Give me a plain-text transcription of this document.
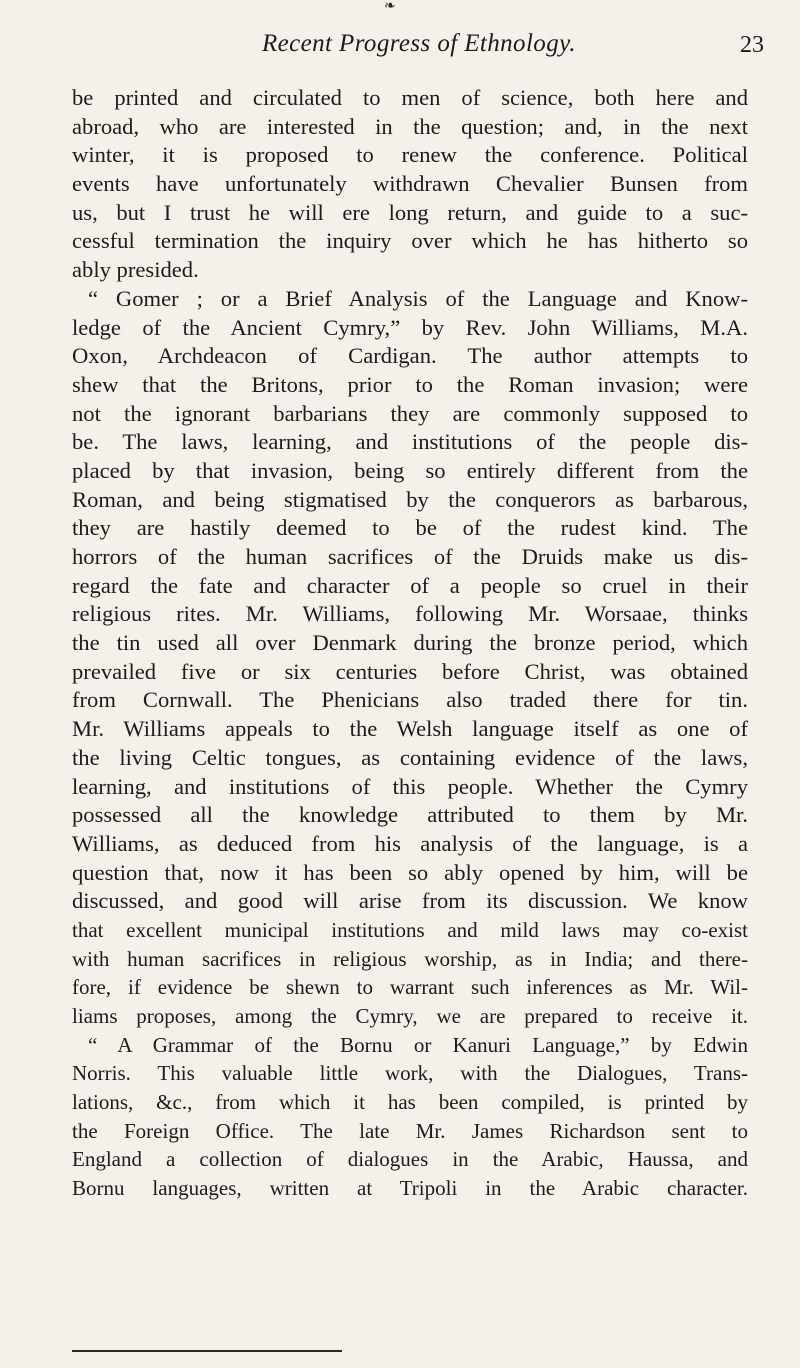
❧
Recent Progress of Ethnology.	23
be printed and circulated to men of science, both here and
abroad, who are interested in the question; and, in the next
winter, it is proposed to renew the conference. Political
events have unfortunately withdrawn Chevalier Bunsen from
us, but I trust he will ere long return, and guide to a suc-
cessful termination the inquiry over which he has hitherto so
ably presided.
“ Gomer ; or a Brief Analysis of the Language and Know-
ledge of the Ancient Cymry,” by Rev. John Williams, M.A.
Oxon, Archdeacon of Cardigan. The author attempts to
shew that the Britons, prior to the Roman invasion; were
not the ignorant barbarians they are commonly supposed to
be. The laws, learning, and institutions of the people dis-
placed by that invasion, being so entirely different from the
Roman, and being stigmatised by the conquerors as barbarous,
they are hastily deemed to be of the rudest kind. The
horrors of the human sacrifices of the Druids make us dis-
regard the fate and character of a people so cruel in their
religious rites. Mr. Williams, following Mr. Worsaae, thinks
the tin used all over Denmark during the bronze period, which
prevailed five or six centuries before Christ, was obtained
from Cornwall. The Phenicians also traded there for tin.
Mr. Williams appeals to the Welsh language itself as one of
the living Celtic tongues, as containing evidence of the laws,
learning, and institutions of this people. Whether the Cymry
possessed all the knowledge attributed to them by Mr.
Williams, as deduced from his analysis of the language, is a
question that, now it has been so ably opened by him, will be
discussed, and good will arise from its discussion. We know
that excellent municipal institutions and mild laws may co-exist
with human sacrifices in religious worship, as in India; and there-
fore, if evidence be shewn to warrant such inferences as Mr. Wil-
liams proposes, among the Cymry, we are prepared to receive it.
“ A Grammar of the Bornu or Kanuri Language,” by Edwin
Norris. This valuable little work, with the Dialogues, Trans-
lations, &c., from which it has been compiled, is printed by
the Foreign Office. The late Mr. James Richardson sent to
England a collection of dialogues in the Arabic, Haussa, and
Bornu languages, written at Tripoli in the Arabic character.
